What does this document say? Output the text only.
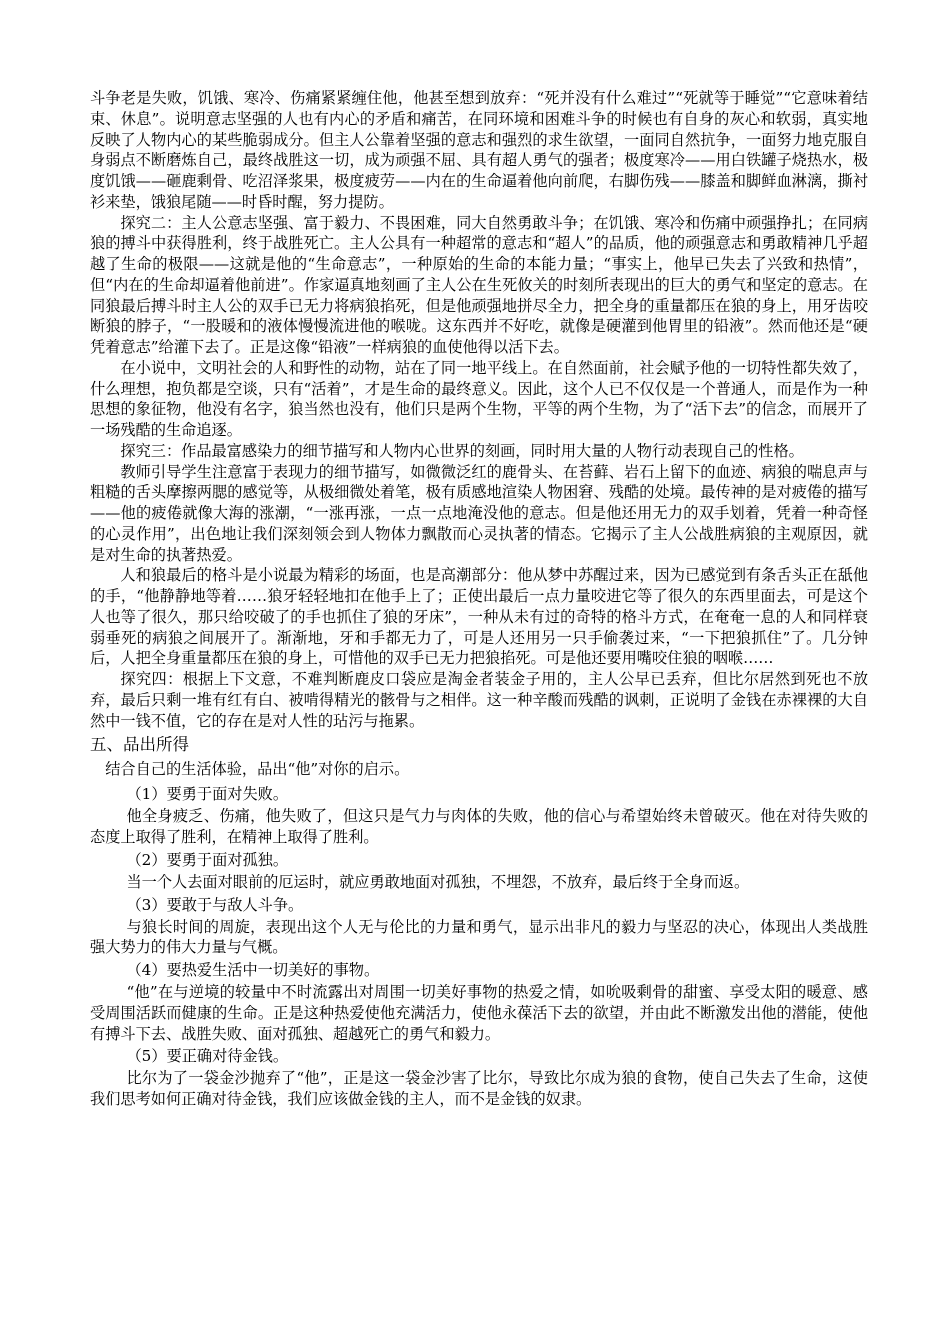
斗争老是失败，饥饿、寒冷、伤痛紧紧缠住他，他甚至想到放弃：“死并没有什么难过”“死就等于睡觉”“它意味着结束、休息”。说明意志坚强的人也有内心的矛盾和痛苦，在同环境和困难斗争的时候也有自身的灰心和软弱，真实地反映了人物内心的某些脆弱成分。但主人公靠着坚强的意志和强烈的求生欲望，一面同自然抗争，一面努力地克服自身弱点不断磨炼自己，最终战胜这一切，成为顽强不屈、具有超人勇气的强者；极度寒冷——用白铁罐子烧热水，极度饥饿——砸鹿剩骨、吃沼泽浆果，极度疲劳——内在的生命逼着他向前爬，右脚伤残——膝盖和脚鲜血淋漓，撕衬衫来垫，饿狼尾随——时昏时醒，努力提防。

探究二：主人公意志坚强、富于毅力、不畏困难，同大自然勇敢斗争；在饥饿、寒冷和伤痛中顽强挣扎；在同病狼的搏斗中获得胜利，终于战胜死亡。主人公具有一种超常的意志和“超人”的品质，他的顽强意志和勇敢精神几乎超越了生命的极限——这就是他的“生命意志”，一种原始的生命的本能力量；“事实上，他早已失去了兴致和热情”，但“内在的生命却逼着他前进”。作家逼真地刻画了主人公在生死攸关的时刻所表现出的巨大的勇气和坚定的意志。在同狼最后搏斗时主人公的双手已无力将病狼掐死，但是他顽强地拼尽全力，把全身的重量都压在狼的身上，用牙齿咬断狼的脖子，“一股暖和的液体慢慢流进他的喉咙。这东西并不好吃，就像是硬灌到他胃里的铅液”。然而他还是“硬凭着意志”给灌下去了。正是这像“铅液”一样病狼的血使他得以活下去。

在小说中，文明社会的人和野性的动物，站在了同一地平线上。在自然面前，社会赋予他的一切特性都失效了，什么理想，抱负都是空谈，只有“活着”，才是生命的最终意义。因此，这个人已不仅仅是一个普通人，而是作为一种思想的象征物，他没有名字，狼当然也没有，他们只是两个生物，平等的两个生物，为了“活下去”的信念，而展开了一场残酷的生命追逐。

探究三：作品最富感染力的细节描写和人物内心世界的刻画，同时用大量的人物行动表现自己的性格。

教师引导学生注意富于表现力的细节描写，如微微泛红的鹿骨头、在苔藓、岩石上留下的血迹、病狼的喘息声与粗糙的舌头摩擦两腮的感觉等，从极细微处着笔，极有质感地渲染人物困窘、残酷的处境。最传神的是对疲倦的描写——他的疲倦就像大海的涨潮，“一涨再涨，一点一点地淹没他的意志。但是他还用无力的双手划着，凭着一种奇怪的心灵作用”，出色地让我们深刻领会到人物体力飘散而心灵执著的情态。它揭示了主人公战胜病狼的主观原因，就是对生命的执著热爱。

人和狼最后的格斗是小说最为精彩的场面，也是高潮部分：他从梦中苏醒过来，因为已感觉到有条舌头正在舐他的手，“他静静地等着……狼牙轻轻地扣在他手上了；正使出最后一点力量咬进它等了很久的东西里面去，可是这个人也等了很久，那只给咬破了的手也抓住了狼的牙床”，一种从未有过的奇特的格斗方式，在奄奄一息的人和同样衰弱垂死的病狼之间展开了。渐渐地，牙和手都无力了，可是人还用另一只手偷袭过来，“一下把狼抓住”了。几分钟后，人把全身重量都压在狼的身上，可惜他的双手已无力把狼掐死。可是他还要用嘴咬住狼的咽喉……

探究四：根据上下文意，不难判断鹿皮口袋应是淘金者装金子用的，主人公早已丢弃，但比尔居然到死也不放弃，最后只剩一堆有红有白、被啃得精光的骸骨与之相伴。这一种辛酸而残酷的讽刺，正说明了金钱在赤裸裸的大自然中一钱不值，它的存在是对人性的玷污与拖累。

五、品出所得

结合自己的生活体验，品出“他”对你的启示。

（1）要勇于面对失败。

他全身疲乏、伤痛，他失败了，但这只是气力与肉体的失败，他的信心与希望始终未曾破灭。他在对待失败的态度上取得了胜利，在精神上取得了胜利。

（2）要勇于面对孤独。

当一个人去面对眼前的厄运时，就应勇敢地面对孤独，不埋怨，不放弃，最后终于全身而返。

（3）要敢于与敌人斗争。

与狼长时间的周旋，表现出这个人无与伦比的力量和勇气，显示出非凡的毅力与坚忍的决心，体现出人类战胜强大势力的伟大力量与气概。

（4）要热爱生活中一切美好的事物。

“他”在与逆境的较量中不时流露出对周围一切美好事物的热爱之情，如吮吸剩骨的甜蜜、享受太阳的暖意、感受周围活跃而健康的生命。正是这种热爱使他充满活力，使他永葆活下去的欲望，并由此不断激发出他的潜能，使他有搏斗下去、战胜失败、面对孤独、超越死亡的勇气和毅力。

（5）要正确对待金钱。

比尔为了一袋金沙抛弃了“他”，正是这一袋金沙害了比尔，导致比尔成为狼的食物，使自己失去了生命，这使我们思考如何正确对待金钱，我们应该做金钱的主人，而不是金钱的奴隶。
